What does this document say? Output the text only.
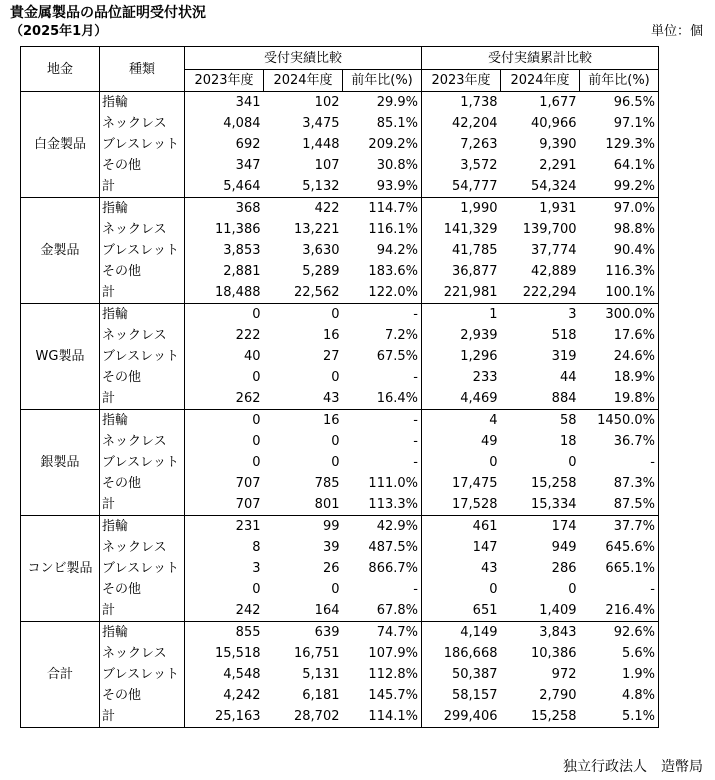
貴金属製品の品位証明受付状況
（2025年1月）	単位：個
地金	種類	受付実績比較			受付実績累計比較		
		2023年度	2024年度	前年比(%)	2023年度	2024年度	前年比(%)
白金製品	指輪	341	102	29.9%	1,738	1,677	96.5%
	ネックレス	4,084	3,475	85.1%	42,204	40,966	97.1%
	ブレスレット	692	1,448	209.2%	7,263	9,390	129.3%
	その他	347	107	30.8%	3,572	2,291	64.1%
	計	5,464	5,132	93.9%	54,777	54,324	99.2%
金製品	指輪	368	422	114.7%	1,990	1,931	97.0%
	ネックレス	11,386	13,221	116.1%	141,329	139,700	98.8%
	ブレスレット	3,853	3,630	94.2%	41,785	37,774	90.4%
	その他	2,881	5,289	183.6%	36,877	42,889	116.3%
	計	18,488	22,562	122.0%	221,981	222,294	100.1%
WG製品	指輪	0	0	-	1	3	300.0%
	ネックレス	222	16	7.2%	2,939	518	17.6%
	ブレスレット	40	27	67.5%	1,296	319	24.6%
	その他	0	0	-	233	44	18.9%
	計	262	43	16.4%	4,469	884	19.8%
銀製品	指輪	0	16	-	4	58	1450.0%
	ネックレス	0	0	-	49	18	36.7%
	ブレスレット	0	0	-	0	0	-
	その他	707	785	111.0%	17,475	15,258	87.3%
	計	707	801	113.3%	17,528	15,334	87.5%
コンビ製品	指輪	231	99	42.9%	461	174	37.7%
	ネックレス	8	39	487.5%	147	949	645.6%
	ブレスレット	3	26	866.7%	43	286	665.1%
	その他	0	0	-	0	0	-
	計	242	164	67.8%	651	1,409	216.4%
合計	指輪	855	639	74.7%	4,149	3,843	92.6%
	ネックレス	15,518	16,751	107.9%	186,668	10,386	5.6%
	ブレスレット	4,548	5,131	112.8%	50,387	972	1.9%
	その他	4,242	6,181	145.7%	58,157	2,790	4.8%
	計	25,163	28,702	114.1%	299,406	15,258	5.1%
独立行政法人　造幣局
